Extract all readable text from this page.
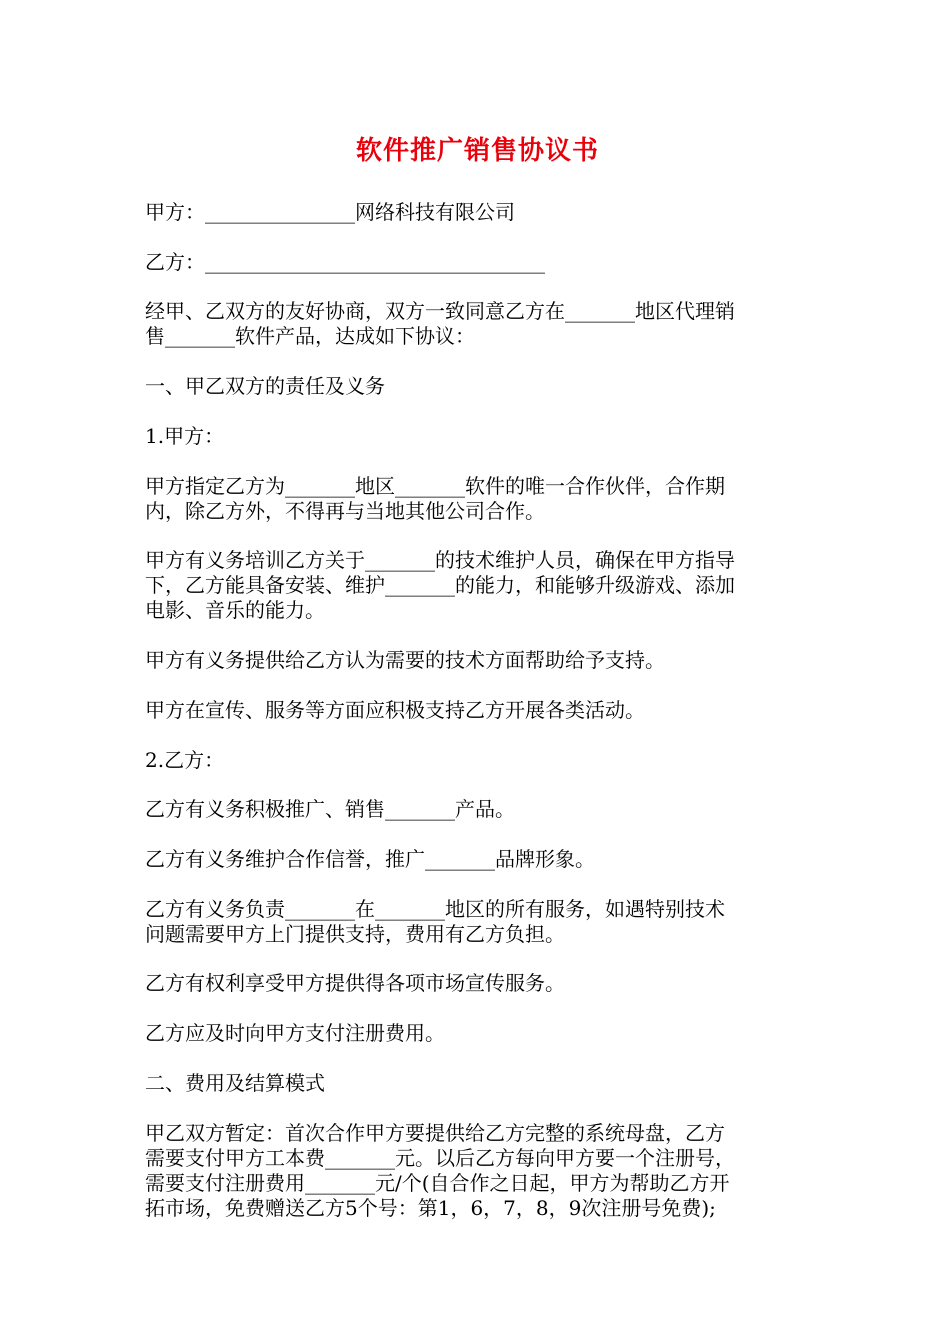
软件推广销售协议书

甲方：_______________网络科技有限公司

乙方：__________________________________

经甲、乙双方的友好协商，双方一致同意乙方在_______地区代理销
售_______软件产品，达成如下协议：

一、甲乙双方的责任及义务

1.甲方：

甲方指定乙方为_______地区_______软件的唯一合作伙伴，合作期
内，除乙方外，不得再与当地其他公司合作。

甲方有义务培训乙方关于_______的技术维护人员，确保在甲方指导
下，乙方能具备安装、维护_______的能力，和能够升级游戏、添加
电影、音乐的能力。

甲方有义务提供给乙方认为需要的技术方面帮助给予支持。

甲方在宣传、服务等方面应积极支持乙方开展各类活动。

2.乙方：

乙方有义务积极推广、销售_______产品。

乙方有义务维护合作信誉，推广_______品牌形象。

乙方有义务负责_______在_______地区的所有服务，如遇特别技术
问题需要甲方上门提供支持，费用有乙方负担。

乙方有权利享受甲方提供得各项市场宣传服务。

乙方应及时向甲方支付注册费用。

二、费用及结算模式

甲乙双方暂定：首次合作甲方要提供给乙方完整的系统母盘，乙方
需要支付甲方工本费_______元。以后乙方每向甲方要一个注册号，
需要支付注册费用_______元/个(自合作之日起，甲方为帮助乙方开
拓市场，免费赠送乙方5个号：第1，6，7，8，9次注册号免费);
